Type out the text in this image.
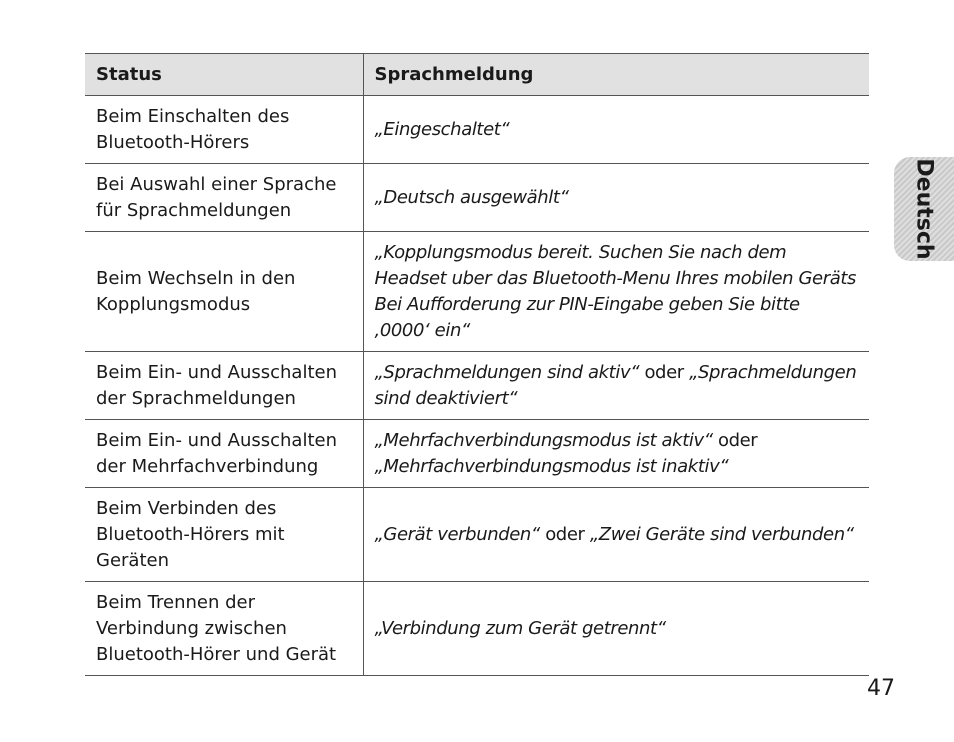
Status	Sprachmeldung
Beim Einschalten des Bluetooth-Hörers	„Eingeschaltet“
Bei Auswahl einer Sprache für Sprachmeldungen	„Deutsch ausgewählt“
Beim Wechseln in den Kopplungsmodus	„Kopplungsmodus bereit. Suchen Sie nach dem Headset uber das Bluetooth-Menu Ihres mobilen Geräts Bei Aufforderung zur PIN-Eingabe geben Sie bitte ‚0000‘ ein“
Beim Ein- und Ausschalten der Sprachmeldungen	„Sprachmeldungen sind aktiv“ oder „Sprachmeldungen sind deaktiviert“
Beim Ein- und Ausschalten der Mehrfachverbindung	„Mehrfachverbindungsmodus ist aktiv“ oder „Mehrfachverbindungsmodus ist inaktiv“
Beim Verbinden des Bluetooth-Hörers mit Geräten	„Gerät verbunden“ oder „Zwei Geräte sind verbunden“
Beim Trennen der Verbindung zwischen Bluetooth-Hörer und Gerät	„Verbindung zum Gerät getrennt“
Deutsch
47
